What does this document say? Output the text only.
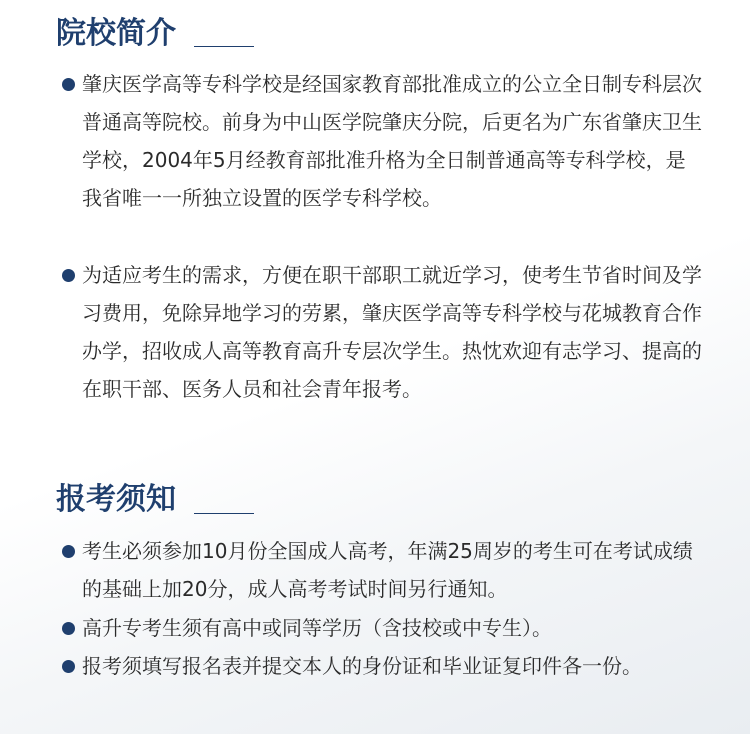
院校简介

肇庆医学高等专科学校是经国家教育部批准成立的公立全日制专科层次普通高等院校。前身为中山医学院肇庆分院，后更名为广东省肇庆卫生学校，2004年5月经教育部批准升格为全日制普通高等专科学校，是我省唯一一所独立设置的医学专科学校。

为适应考生的需求，方便在职干部职工就近学习，使考生节省时间及学习费用，免除异地学习的劳累，肇庆医学高等专科学校与花城教育合作办学，招收成人高等教育高升专层次学生。热忱欢迎有志学习、提高的在职干部、医务人员和社会青年报考。

报考须知

考生必须参加10月份全国成人高考，年满25周岁的考生可在考试成绩的基础上加20分，成人高考考试时间另行通知。

高升专考生须有高中或同等学历（含技校或中专生）。

报考须填写报名表并提交本人的身份证和毕业证复印件各一份。
